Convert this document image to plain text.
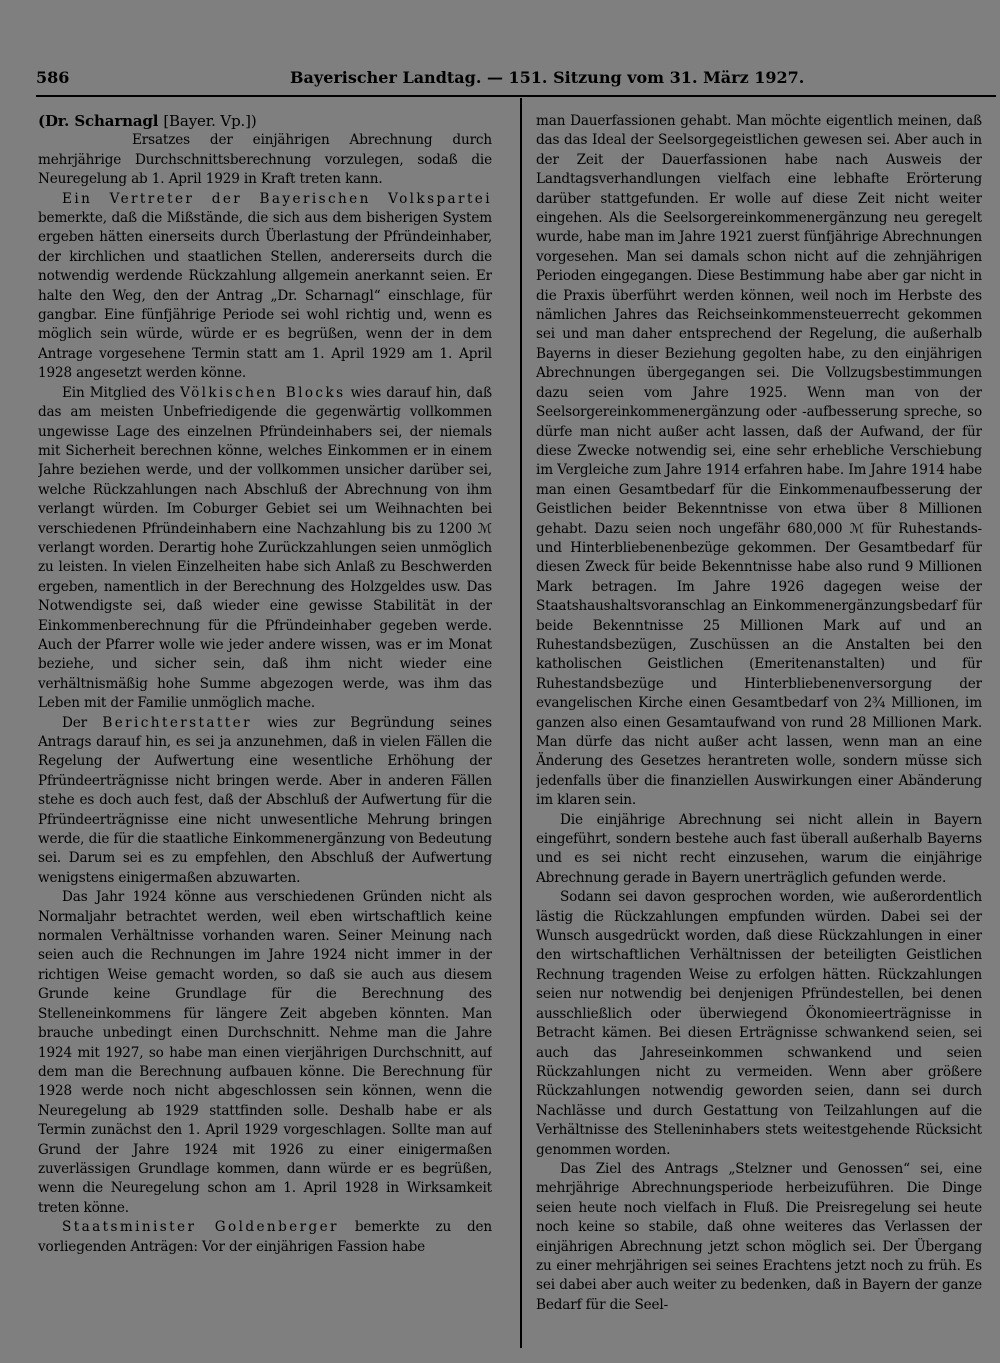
586	Bayerischer Landtag. — 151. Sitzung vom 31. März 1927.

(Dr. Scharnagl [Bayer. Vp.])

Ersatzes der einjährigen Abrechnung durch mehrjährige Durchschnittsberechnung vorzulegen, sodaß die Neuregelung ab 1. April 1929 in Kraft treten kann.

Ein Vertreter der Bayerischen Volkspartei bemerkte, daß die Mißstände, die sich aus dem bisherigen System ergeben hätten einerseits durch Überlastung der Pfründeinhaber, der kirchlichen und staatlichen Stellen, andererseits durch die notwendig werdende Rückzahlung allgemein anerkannt seien. Er halte den Weg, den der Antrag „Dr. Scharnagl“ einschlage, für gangbar. Eine fünfjährige Periode sei wohl richtig und, wenn es möglich sein würde, würde er es begrüßen, wenn der in dem Antrage vorgesehene Termin statt am 1. April 1929 am 1. April 1928 angesetzt werden könne.

Ein Mitglied des Völkischen Blocks wies darauf hin, daß das am meisten Unbefriedigende die gegenwärtig vollkommen ungewisse Lage des einzelnen Pfründeinhabers sei, der niemals mit Sicherheit berechnen könne, welches Einkommen er in einem Jahre beziehen werde, und der vollkommen unsicher darüber sei, welche Rückzahlungen nach Abschluß der Abrechnung von ihm verlangt würden. Im Coburger Gebiet sei um Weihnachten bei verschiedenen Pfründeinhabern eine Nachzahlung bis zu 1200 ℳ verlangt worden. Derartig hohe Zurückzahlungen seien unmöglich zu leisten. In vielen Einzelheiten habe sich Anlaß zu Beschwerden ergeben, namentlich in der Berechnung des Holzgeldes usw. Das Notwendigste sei, daß wieder eine gewisse Stabilität in der Einkommenberechnung für die Pfründeinhaber gegeben werde. Auch der Pfarrer wolle wie jeder andere wissen, was er im Monat beziehe, und sicher sein, daß ihm nicht wieder eine verhältnismäßig hohe Summe abgezogen werde, was ihm das Leben mit der Familie unmöglich mache.

Der Berichterstatter wies zur Begründung seines Antrags darauf hin, es sei ja anzunehmen, daß in vielen Fällen die Regelung der Aufwertung eine wesentliche Erhöhung der Pfründeerträgnisse nicht bringen werde. Aber in anderen Fällen stehe es doch auch fest, daß der Abschluß der Aufwertung für die Pfründeerträgnisse eine nicht unwesentliche Mehrung bringen werde, die für die staatliche Einkommenergänzung von Bedeutung sei. Darum sei es zu empfehlen, den Abschluß der Aufwertung wenigstens einigermaßen abzuwarten.

Das Jahr 1924 könne aus verschiedenen Gründen nicht als Normaljahr betrachtet werden, weil eben wirtschaftlich keine normalen Verhältnisse vorhanden waren. Seiner Meinung nach seien auch die Rechnungen im Jahre 1924 nicht immer in der richtigen Weise gemacht worden, so daß sie auch aus diesem Grunde keine Grundlage für die Berechnung des Stelleneinkommens für längere Zeit abgeben könnten. Man brauche unbedingt einen Durchschnitt. Nehme man die Jahre 1924 mit 1927, so habe man einen vierjährigen Durchschnitt, auf dem man die Berechnung aufbauen könne. Die Berechnung für 1928 werde noch nicht abgeschlossen sein können, wenn die Neuregelung ab 1929 stattfinden solle. Deshalb habe er als Termin zunächst den 1. April 1929 vorgeschlagen. Sollte man auf Grund der Jahre 1924 mit 1926 zu einer einigermaßen zuverlässigen Grundlage kommen, dann würde er es begrüßen, wenn die Neuregelung schon am 1. April 1928 in Wirksamkeit treten könne.

Staatsminister Goldenberger bemerkte zu den vorliegenden Anträgen: Vor der einjährigen Fassion habe

man Dauerfassionen gehabt. Man möchte eigentlich meinen, daß das das Ideal der Seelsorgegeistlichen gewesen sei. Aber auch in der Zeit der Dauerfassionen habe nach Ausweis der Landtagsverhandlungen vielfach eine lebhafte Erörterung darüber stattgefunden. Er wolle auf diese Zeit nicht weiter eingehen. Als die Seelsorgereinkommenergänzung neu geregelt wurde, habe man im Jahre 1921 zuerst fünfjährige Abrechnungen vorgesehen. Man sei damals schon nicht auf die zehnjährigen Perioden eingegangen. Diese Bestimmung habe aber gar nicht in die Praxis überführt werden können, weil noch im Herbste des nämlichen Jahres das Reichseinkommensteuerrecht gekommen sei und man daher entsprechend der Regelung, die außerhalb Bayerns in dieser Beziehung gegolten habe, zu den einjährigen Abrechnungen übergegangen sei. Die Vollzugsbestimmungen dazu seien vom Jahre 1925. Wenn man von der Seelsorgereinkommenergänzung oder -aufbesserung spreche, so dürfe man nicht außer acht lassen, daß der Aufwand, der für diese Zwecke notwendig sei, eine sehr erhebliche Verschiebung im Vergleiche zum Jahre 1914 erfahren habe. Im Jahre 1914 habe man einen Gesamtbedarf für die Einkommenaufbesserung der Geistlichen beider Bekenntnisse von etwa über 8 Millionen gehabt. Dazu seien noch ungefähr 680,000 ℳ für Ruhestands- und Hinterbliebenenbezüge gekommen. Der Gesamtbedarf für diesen Zweck für beide Bekenntnisse habe also rund 9 Millionen Mark betragen. Im Jahre 1926 dagegen weise der Staatshaushaltsvoranschlag an Einkommenergänzungsbedarf für beide Bekenntnisse 25 Millionen Mark auf und an Ruhestandsbezügen, Zuschüssen an die Anstalten bei den katholischen Geistlichen (Emeritenanstalten) und für Ruhestandsbezüge und Hinterbliebenenversorgung der evangelischen Kirche einen Gesamtbedarf von 2¾ Millionen, im ganzen also einen Gesamtaufwand von rund 28 Millionen Mark. Man dürfe das nicht außer acht lassen, wenn man an eine Änderung des Gesetzes herantreten wolle, sondern müsse sich jedenfalls über die finanziellen Auswirkungen einer Abänderung im klaren sein.

Die einjährige Abrechnung sei nicht allein in Bayern eingeführt, sondern bestehe auch fast überall außerhalb Bayerns und es sei nicht recht einzusehen, warum die einjährige Abrechnung gerade in Bayern unerträglich gefunden werde.

Sodann sei davon gesprochen worden, wie außerordentlich lästig die Rückzahlungen empfunden würden. Dabei sei der Wunsch ausgedrückt worden, daß diese Rückzahlungen in einer den wirtschaftlichen Verhältnissen der beteiligten Geistlichen Rechnung tragenden Weise zu erfolgen hätten. Rückzahlungen seien nur notwendig bei denjenigen Pfründestellen, bei denen ausschließlich oder überwiegend Ökonomieerträgnisse in Betracht kämen. Bei diesen Erträgnisse schwankend seien, sei auch das Jahreseinkommen schwankend und seien Rückzahlungen nicht zu vermeiden. Wenn aber größere Rückzahlungen notwendig geworden seien, dann sei durch Nachlässe und durch Gestattung von Teilzahlungen auf die Verhältnisse des Stelleninhabers stets weitestgehende Rücksicht genommen worden.

Das Ziel des Antrags „Stelzner und Genossen“ sei, eine mehrjährige Abrechnungsperiode herbeizuführen. Die Dinge seien heute noch vielfach in Fluß. Die Preisregelung sei heute noch keine so stabile, daß ohne weiteres das Verlassen der einjährigen Abrechnung jetzt schon möglich sei. Der Übergang zu einer mehrjährigen sei seines Erachtens jetzt noch zu früh. Es sei dabei aber auch weiter zu bedenken, daß in Bayern der ganze Bedarf für die Seel-
